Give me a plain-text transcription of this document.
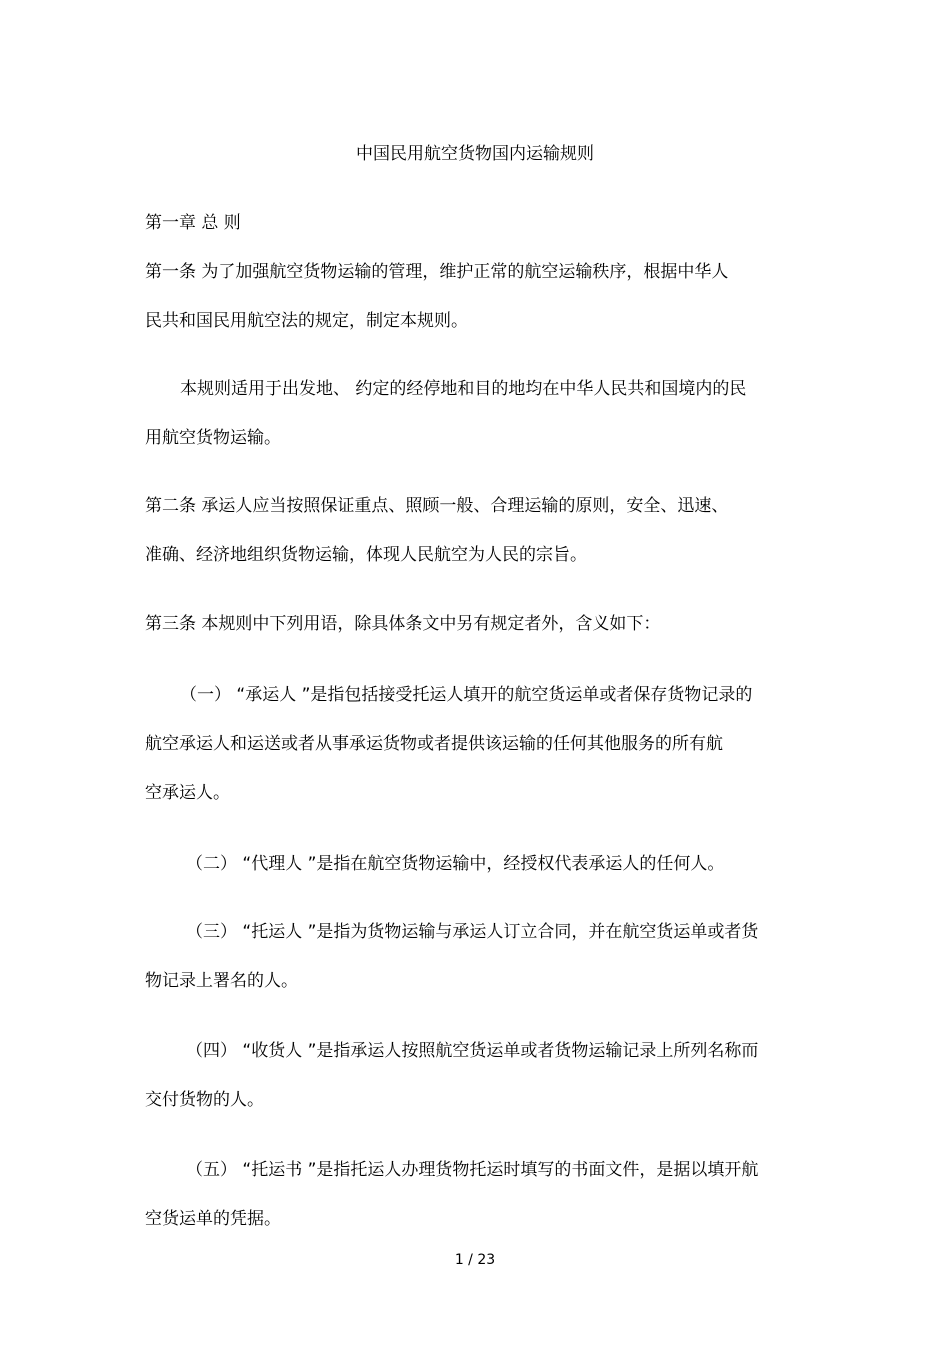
中国民用航空货物国内运输规则
第一章 总 则
第一条 为了加强航空货物运输的管理，维护正常的航空运输秩序，根据中华人
民共和国民用航空法的规定，制定本规则。
本规则适用于出发地、 约定的经停地和目的地均在中华人民共和国境内的民
用航空货物运输。
第二条 承运人应当按照保证重点、照顾一般、合理运输的原则，安全、迅速、
准确、经济地组织货物运输，体现人民航空为人民的宗旨。
第三条 本规则中下列用语，除具体条文中另有规定者外，含义如下：
（一） “承运人 ”是指包括接受托运人填开的航空货运单或者保存货物记录的
航空承运人和运送或者从事承运货物或者提供该运输的任何其他服务的所有航
空承运人。
（二） “代理人 ”是指在航空货物运输中，经授权代表承运人的任何人。
（三） “托运人 ”是指为货物运输与承运人订立合同，并在航空货运单或者货
物记录上署名的人。
（四） “收货人 ”是指承运人按照航空货运单或者货物运输记录上所列名称而
交付货物的人。
（五） “托运书 ”是指托运人办理货物托运时填写的书面文件，是据以填开航
空货运单的凭据。
1 / 23
